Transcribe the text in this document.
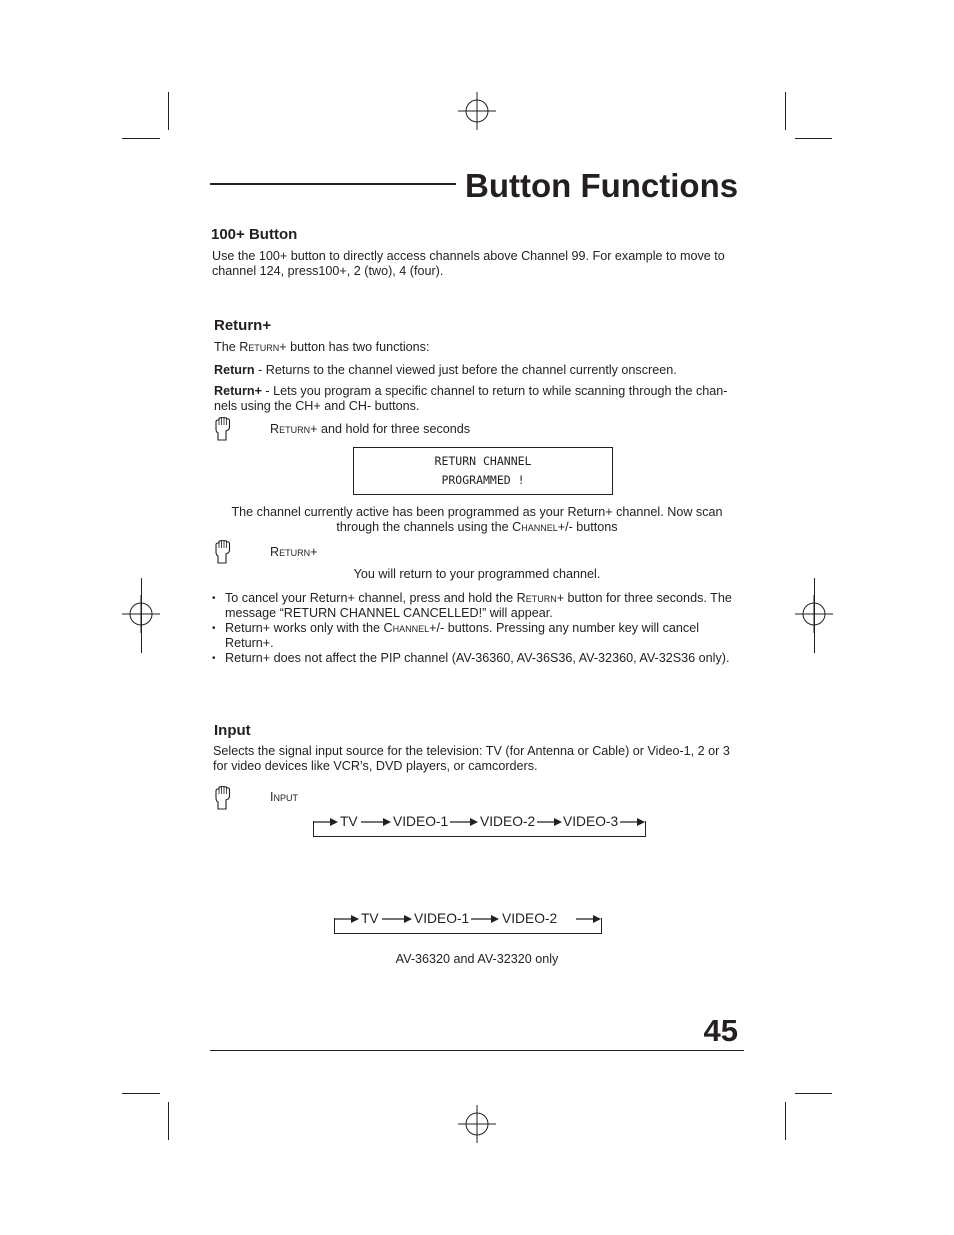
Button Functions
100+ Button
Use the 100+ button to directly access channels above Channel 99. For example to move to channel 124, press100+, 2 (two), 4 (four).
Return+
The Return+ button has two functions:
Return - Returns to the channel viewed just before the channel currently onscreen.
Return+ - Lets you program a specific channel to return to while scanning through the chan-nels using the CH+ and CH- buttons.
Return+ and hold for three seconds
RETURN CHANNEL
PROGRAMMED !
The channel currently active has been programmed as your Return+ channel. Now scan through the channels using the Channel+/- buttons
Return+
You will return to your programmed channel.
• To cancel your Return+ channel, press and hold the Return+ button for three seconds. The message “RETURN CHANNEL CANCELLED!” will appear.
• Return+ works only with the Channel+/- buttons. Pressing any number key will cancel Return+.
• Return+ does not affect the PIP channel (AV-36360, AV-36S36, AV-32360, AV-32S36 only).
Input
Selects the signal input source for the television: TV (for Antenna or Cable) or Video-1, 2 or 3 for video devices like VCR’s, DVD players, or camcorders.
Input
TV	VIDEO-1 VIDEO-2 VIDEO-3
TV	VIDEO-1 VIDEO-2
AV-36320 and AV-32320 only
45
